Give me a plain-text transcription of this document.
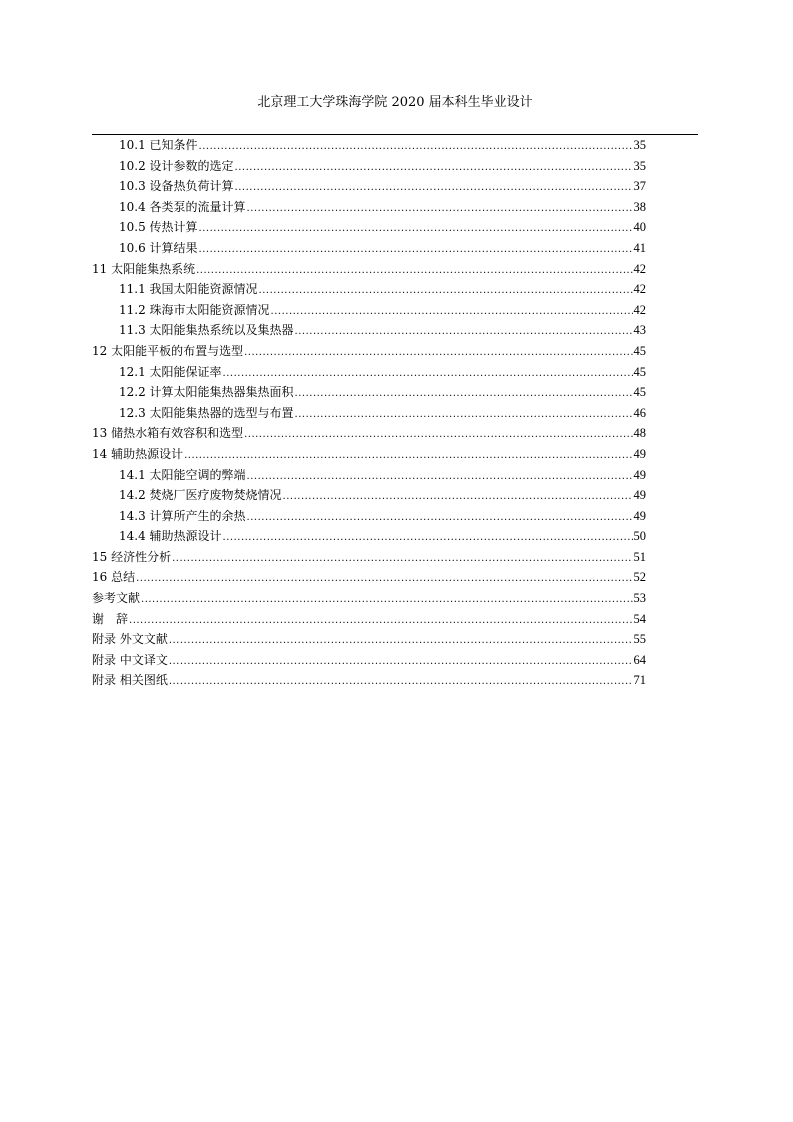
北京理工大学珠海学院 2020 届本科生毕业设计
10.1 已知条件 .....	35
10.2 设计参数的选定 .....	35
10.3 设备热负荷计算 .....	37
10.4 各类泵的流量计算 .....	38
10.5 传热计算 .....	40
10.6 计算结果 .....	41
11 太阳能集热系统 .....	42
11.1 我国太阳能资源情况 .....	42
11.2 珠海市太阳能资源情况 .....	42
11.3 太阳能集热系统以及集热器 .....	43
12 太阳能平板的布置与选型 .....	45
12.1 太阳能保证率 .....	45
12.2 计算太阳能集热器集热面积 .....	45
12.3 太阳能集热器的选型与布置 .....	46
13 储热水箱有效容积和选型 .....	48
14 辅助热源设计 .....	49
14.1 太阳能空调的弊端 .....	49
14.2 焚烧厂医疗废物焚烧情况 .....	49
14.3 计算所产生的余热 .....	49
14.4 辅助热源设计 .....	50
15 经济性分析 .....	51
16 总结 .....	52
参考文献 .....	53
谢　辞 .....	54
附录 外文文献 .....	55
附录 中文译文 .....	64
附录 相关图纸 .....	71
